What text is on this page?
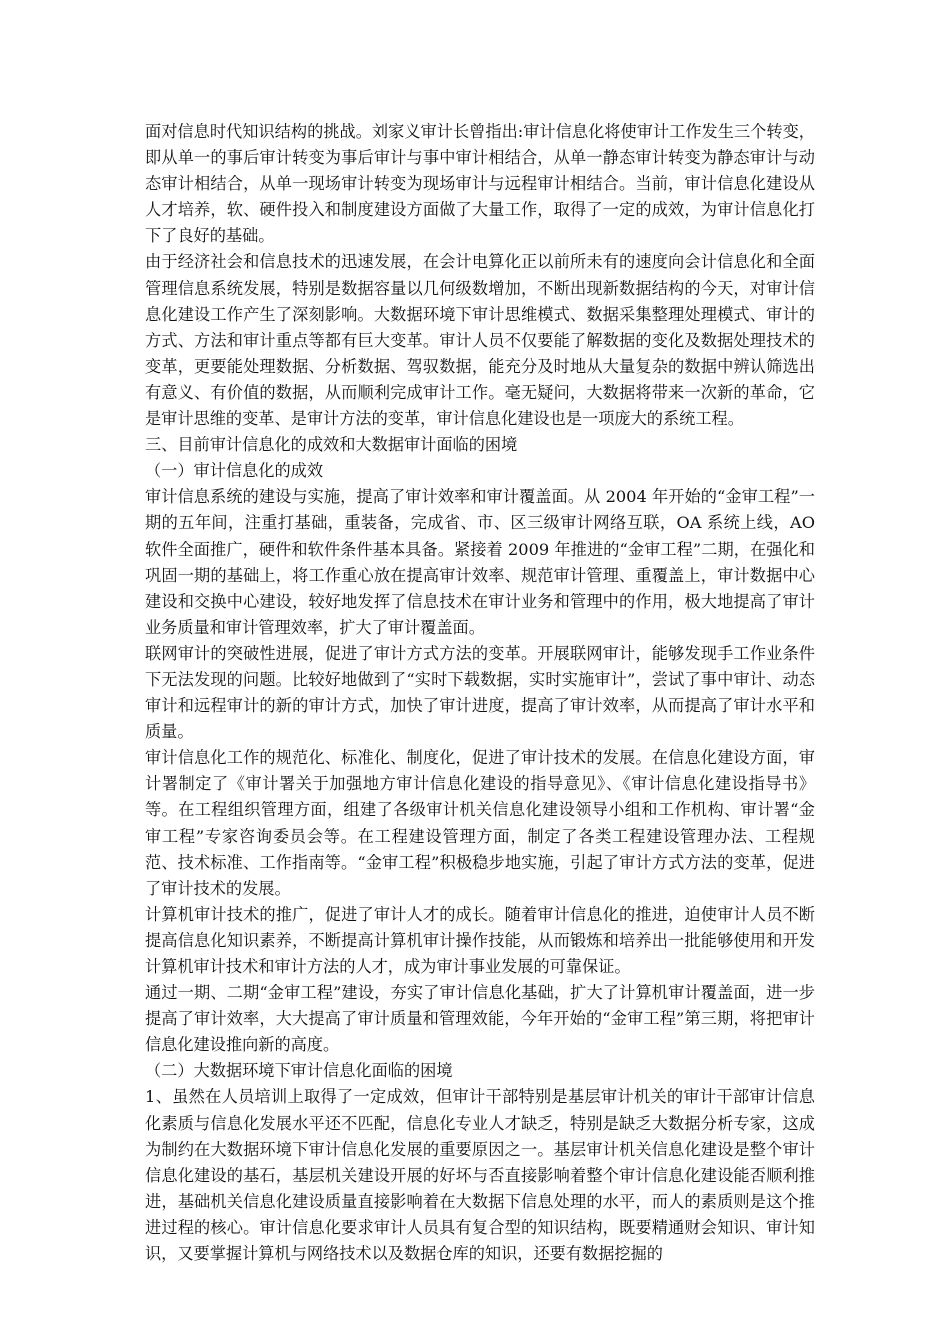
面对信息时代知识结构的挑战。刘家义审计长曾指出:审计信息化将使审计工作发生三个转变，即从单一的事后审计转变为事后审计与事中审计相结合，从单一静态审计转变为静态审计与动态审计相结合，从单一现场审计转变为现场审计与远程审计相结合。当前，审计信息化建设从人才培养，软、硬件投入和制度建设方面做了大量工作，取得了一定的成效，为审计信息化打下了良好的基础。

由于经济社会和信息技术的迅速发展，在会计电算化正以前所未有的速度向会计信息化和全面管理信息系统发展，特别是数据容量以几何级数增加，不断出现新数据结构的今天，对审计信息化建设工作产生了深刻影响。大数据环境下审计思维模式、数据采集整理处理模式、审计的方式、方法和审计重点等都有巨大变革。审计人员不仅要能了解数据的变化及数据处理技术的变革，更要能处理数据、分析数据、驾驭数据，能充分及时地从大量复杂的数据中辨认筛选出有意义、有价值的数据，从而顺利完成审计工作。毫无疑问，大数据将带来一次新的革命，它是审计思维的变革、是审计方法的变革，审计信息化建设也是一项庞大的系统工程。

三、目前审计信息化的成效和大数据审计面临的困境

（一）审计信息化的成效

审计信息系统的建设与实施，提高了审计效率和审计覆盖面。从 2004 年开始的“金审工程”一期的五年间，注重打基础，重装备，完成省、市、区三级审计网络互联，OA 系统上线，AO 软件全面推广，硬件和软件条件基本具备。紧接着 2009 年推进的“金审工程”二期，在强化和巩固一期的基础上，将工作重心放在提高审计效率、规范审计管理、重覆盖上，审计数据中心建设和交换中心建设，较好地发挥了信息技术在审计业务和管理中的作用，极大地提高了审计业务质量和审计管理效率，扩大了审计覆盖面。

联网审计的突破性进展，促进了审计方式方法的变革。开展联网审计，能够发现手工作业条件下无法发现的问题。比较好地做到了“实时下载数据，实时实施审计”，尝试了事中审计、动态审计和远程审计的新的审计方式，加快了审计进度，提高了审计效率，从而提高了审计水平和质量。

审计信息化工作的规范化、标准化、制度化，促进了审计技术的发展。在信息化建设方面，审计署制定了《审计署关于加强地方审计信息化建设的指导意见》、《审计信息化建设指导书》等。在工程组织管理方面，组建了各级审计机关信息化建设领导小组和工作机构、审计署“金审工程”专家咨询委员会等。在工程建设管理方面，制定了各类工程建设管理办法、工程规范、技术标准、工作指南等。“金审工程”积极稳步地实施，引起了审计方式方法的变革，促进了审计技术的发展。

计算机审计技术的推广，促进了审计人才的成长。随着审计信息化的推进，迫使审计人员不断提高信息化知识素养，不断提高计算机审计操作技能，从而锻炼和培养出一批能够使用和开发计算机审计技术和审计方法的人才，成为审计事业发展的可靠保证。

通过一期、二期“金审工程”建设，夯实了审计信息化基础，扩大了计算机审计覆盖面，进一步提高了审计效率，大大提高了审计质量和管理效能，今年开始的“金审工程”第三期，将把审计信息化建设推向新的高度。

（二）大数据环境下审计信息化面临的困境

1、虽然在人员培训上取得了一定成效，但审计干部特别是基层审计机关的审计干部审计信息化素质与信息化发展水平还不匹配，信息化专业人才缺乏，特别是缺乏大数据分析专家，这成为制约在大数据环境下审计信息化发展的重要原因之一。基层审计机关信息化建设是整个审计信息化建设的基石，基层机关建设开展的好坏与否直接影响着整个审计信息化建设能否顺利推进，基础机关信息化建设质量直接影响着在大数据下信息处理的水平，而人的素质则是这个推进过程的核心。审计信息化要求审计人员具有复合型的知识结构，既要精通财会知识、审计知识，又要掌握计算机与网络技术以及数据仓库的知识，还要有数据挖掘的
